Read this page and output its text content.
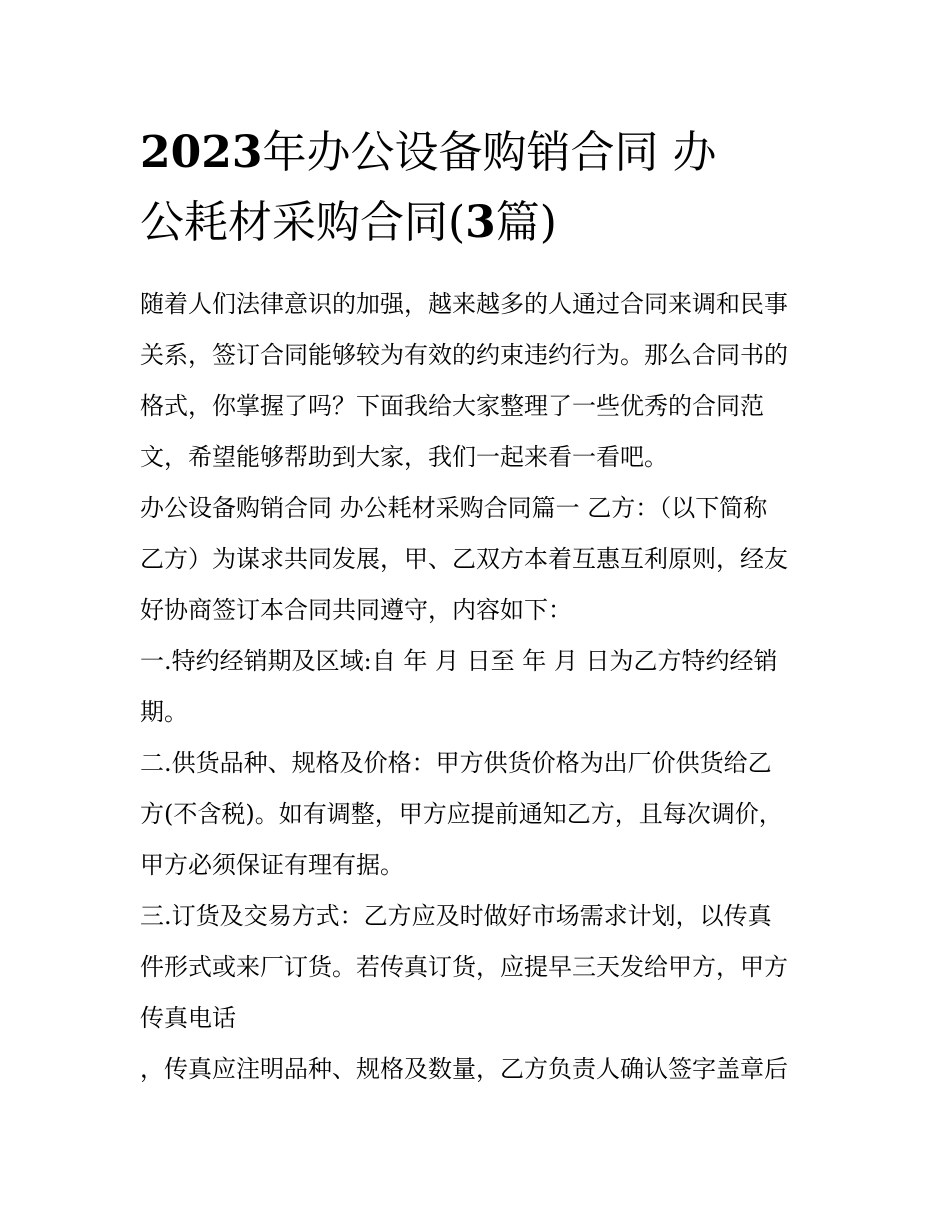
2023年办公设备购销合同 办
公耗材采购合同(3篇)

随着人们法律意识的加强，越来越多的人通过合同来调和民事
关系，签订合同能够较为有效的约束违约行为。那么合同书的
格式，你掌握了吗？下面我给大家整理了一些优秀的合同范
文，希望能够帮助到大家，我们一起来看一看吧。

办公设备购销合同 办公耗材采购合同篇一 乙方：（以下简称
乙方）为谋求共同发展，甲、乙双方本着互惠互利原则，经友
好协商签订本合同共同遵守，内容如下：

一.特约经销期及区域:自 年 月 日至 年 月 日为乙方特约经销
期。

二.供货品种、规格及价格：甲方供货价格为出厂价供货给乙
方(不含税)。如有调整，甲方应提前通知乙方，且每次调价，
甲方必须保证有理有据。

三.订货及交易方式：乙方应及时做好市场需求计划，以传真
件形式或来厂订货。若传真订货，应提早三天发给甲方，甲方
传真电话

，传真应注明品种、规格及数量，乙方负责人确认签字盖章后
